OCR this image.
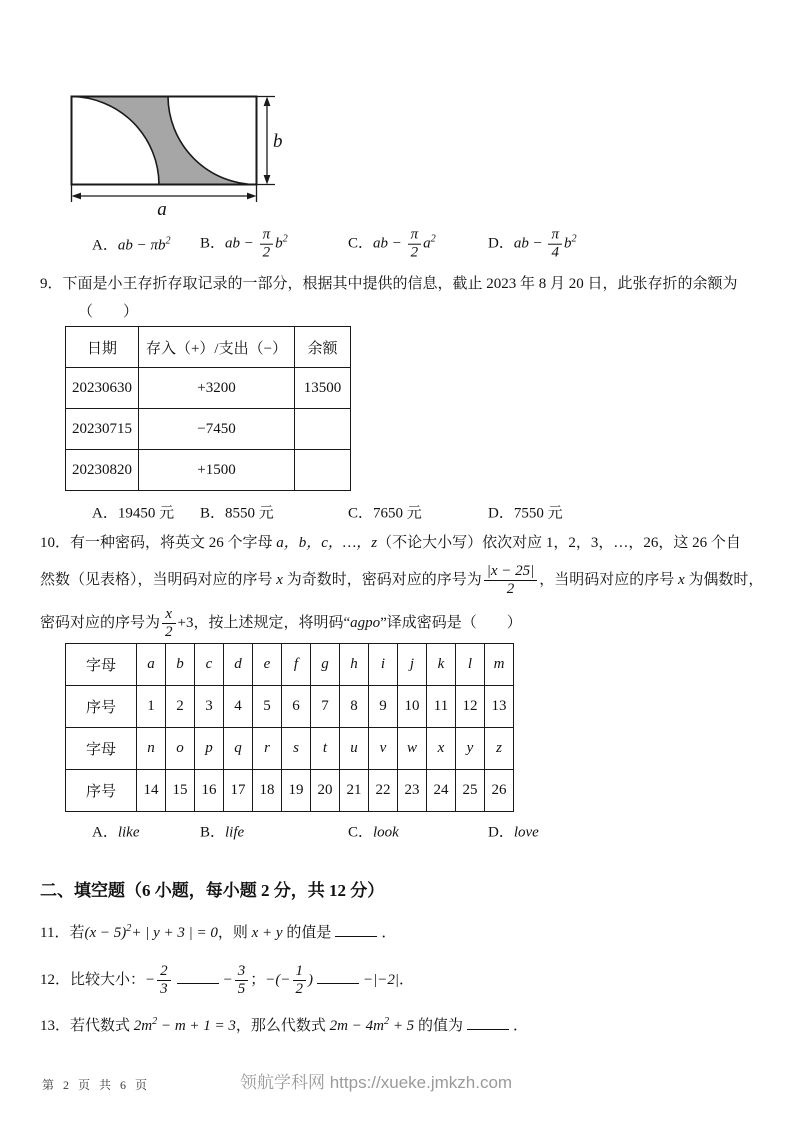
b
a
A．ab − $\pi b^2$ B．ab − $\frac{\pi}{2} b^2$	C．ab − $\frac{\pi}{2} a^2$	D．ab − $\frac{\pi}{4} b^2$
9．下面是小王存折存取记录的一部分，根据其中提供的信息，截止 2023 年 8 月 20 日，此张存折的余额为
（　　）
日期	存入（+）/支出（−）	余额
20230630	+3200	13500
20230715	−7450	
20230820	+1500	
A．19450 元 B．8550 元	C．7650 元	D．7550 元
10．有一种密码，将英文 26 个字母 a，b，c，…，z（不论大小写）依次对应 1，2，3，…，26，这 26 个自
然数（见表格），当明码对应的序号 x 为奇数时，密码对应的序号为 $\frac{|x - 25|}{2}$ ，当明码对应的序号 x 为偶数时，
密码对应的序号为 $\frac{x}{2} +3$，按上述规定，将明码“agpo”译成密码是（　　）
字母	a	b	c	d	e	f	g	h	i	j	k	l	m
序号	1	2	3	4	5	6	7	8	9	10	11	12	13
字母	n	o	p	q	r	s	t	u	v	w	x	y	z
序号	14	15	16	17	18	19	20	21	22	23	24	25	26
A．like	B．life	C．look	D．love
二、填空题（6 小题，每小题 2 分，共 12 分）
11．若$(x - 5)^2+$ | y + 3 | = 0，则 x + y 的值是	．
12．比较大小：− $\frac{2}{3}$	− $\frac{3}{5}$ ；−(− $\frac{1}{2}$ )	−|−2|．
13．若代数式 $2m^2 - m + 1 = 3$，那么代数式 $2m - 4m^2 + 5$ 的值为	．
第 2 页 共 6 页	领航学科网 https://xueke.jmkzh.com
